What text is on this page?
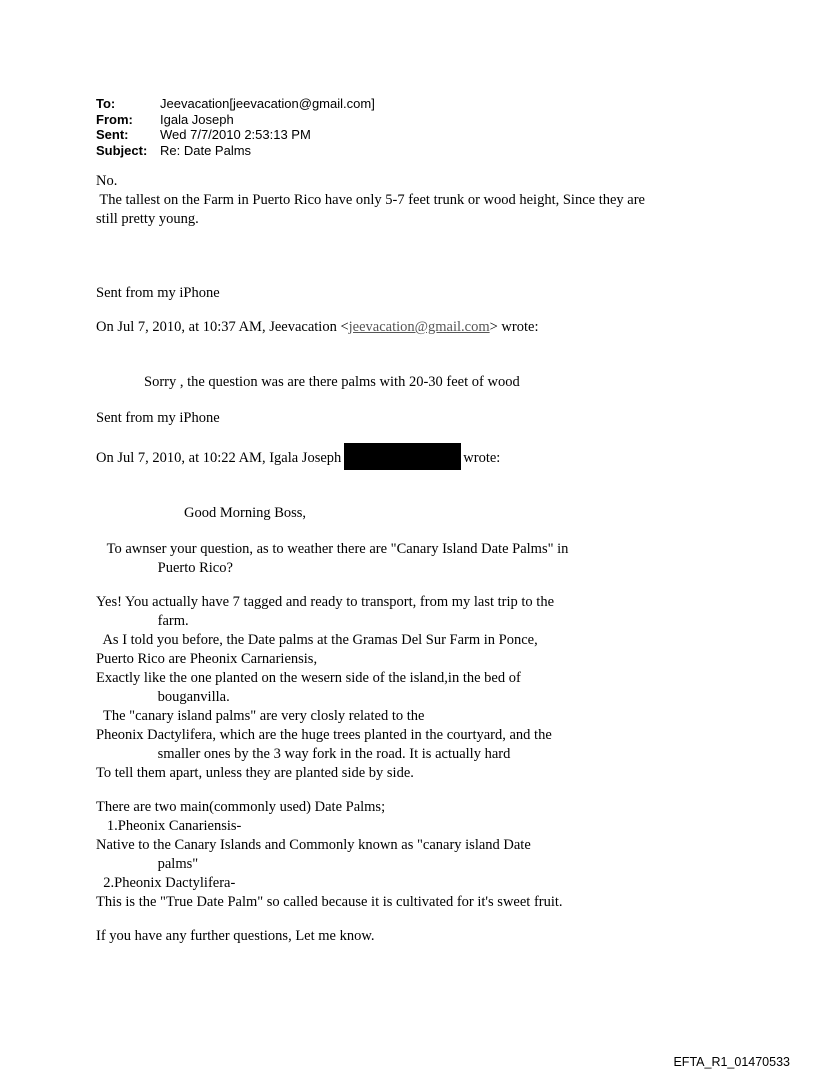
To:	Jeevacation[jeevacation@gmail.com]
From:	Igala Joseph
Sent:	Wed 7/7/2010 2:53:13 PM
Subject: Re: Date Palms

No.

The tallest on the Farm in Puerto Rico have only 5-7 feet trunk or wood height, Since they are

still pretty young.

Sent from my iPhone

On Jul 7, 2010, at 10:37 AM, Jeevacation <jeevacation@gmail.com> wrote:

Sorry , the question was are there palms with 20-30 feet of wood

Sent from my iPhone

On Jul 7, 2010, at 10:22 AM, Igala Joseph	wrote:

Good Morning Boss,

To awnser your question, as to weather there are "Canary Island Date Palms" in

Puerto Rico?

Yes! You actually have 7 tagged and ready to transport, from my last trip to the

farm.

As I told you before, the Date palms at the Gramas Del Sur Farm in Ponce,

Puerto Rico are Pheonix Carnariensis,

Exactly like the one planted on the wesern side of the island,in the bed of

bouganvilla.

The "canary island palms" are very closly related to the

Pheonix Dactylifera, which are the huge trees planted in the courtyard, and the

smaller ones by the 3 way fork in the road. It is actually hard

To tell them apart, unless they are planted side by side.

There are two main(commonly used) Date Palms;

1.Pheonix Canariensis-

Native to the Canary Islands and Commonly known as "canary island Date

palms"

2.Pheonix Dactylifera-

This is the "True Date Palm" so called because it is cultivated for it's sweet fruit.

If you have any further questions, Let me know.

EFTA_R1_01470533
